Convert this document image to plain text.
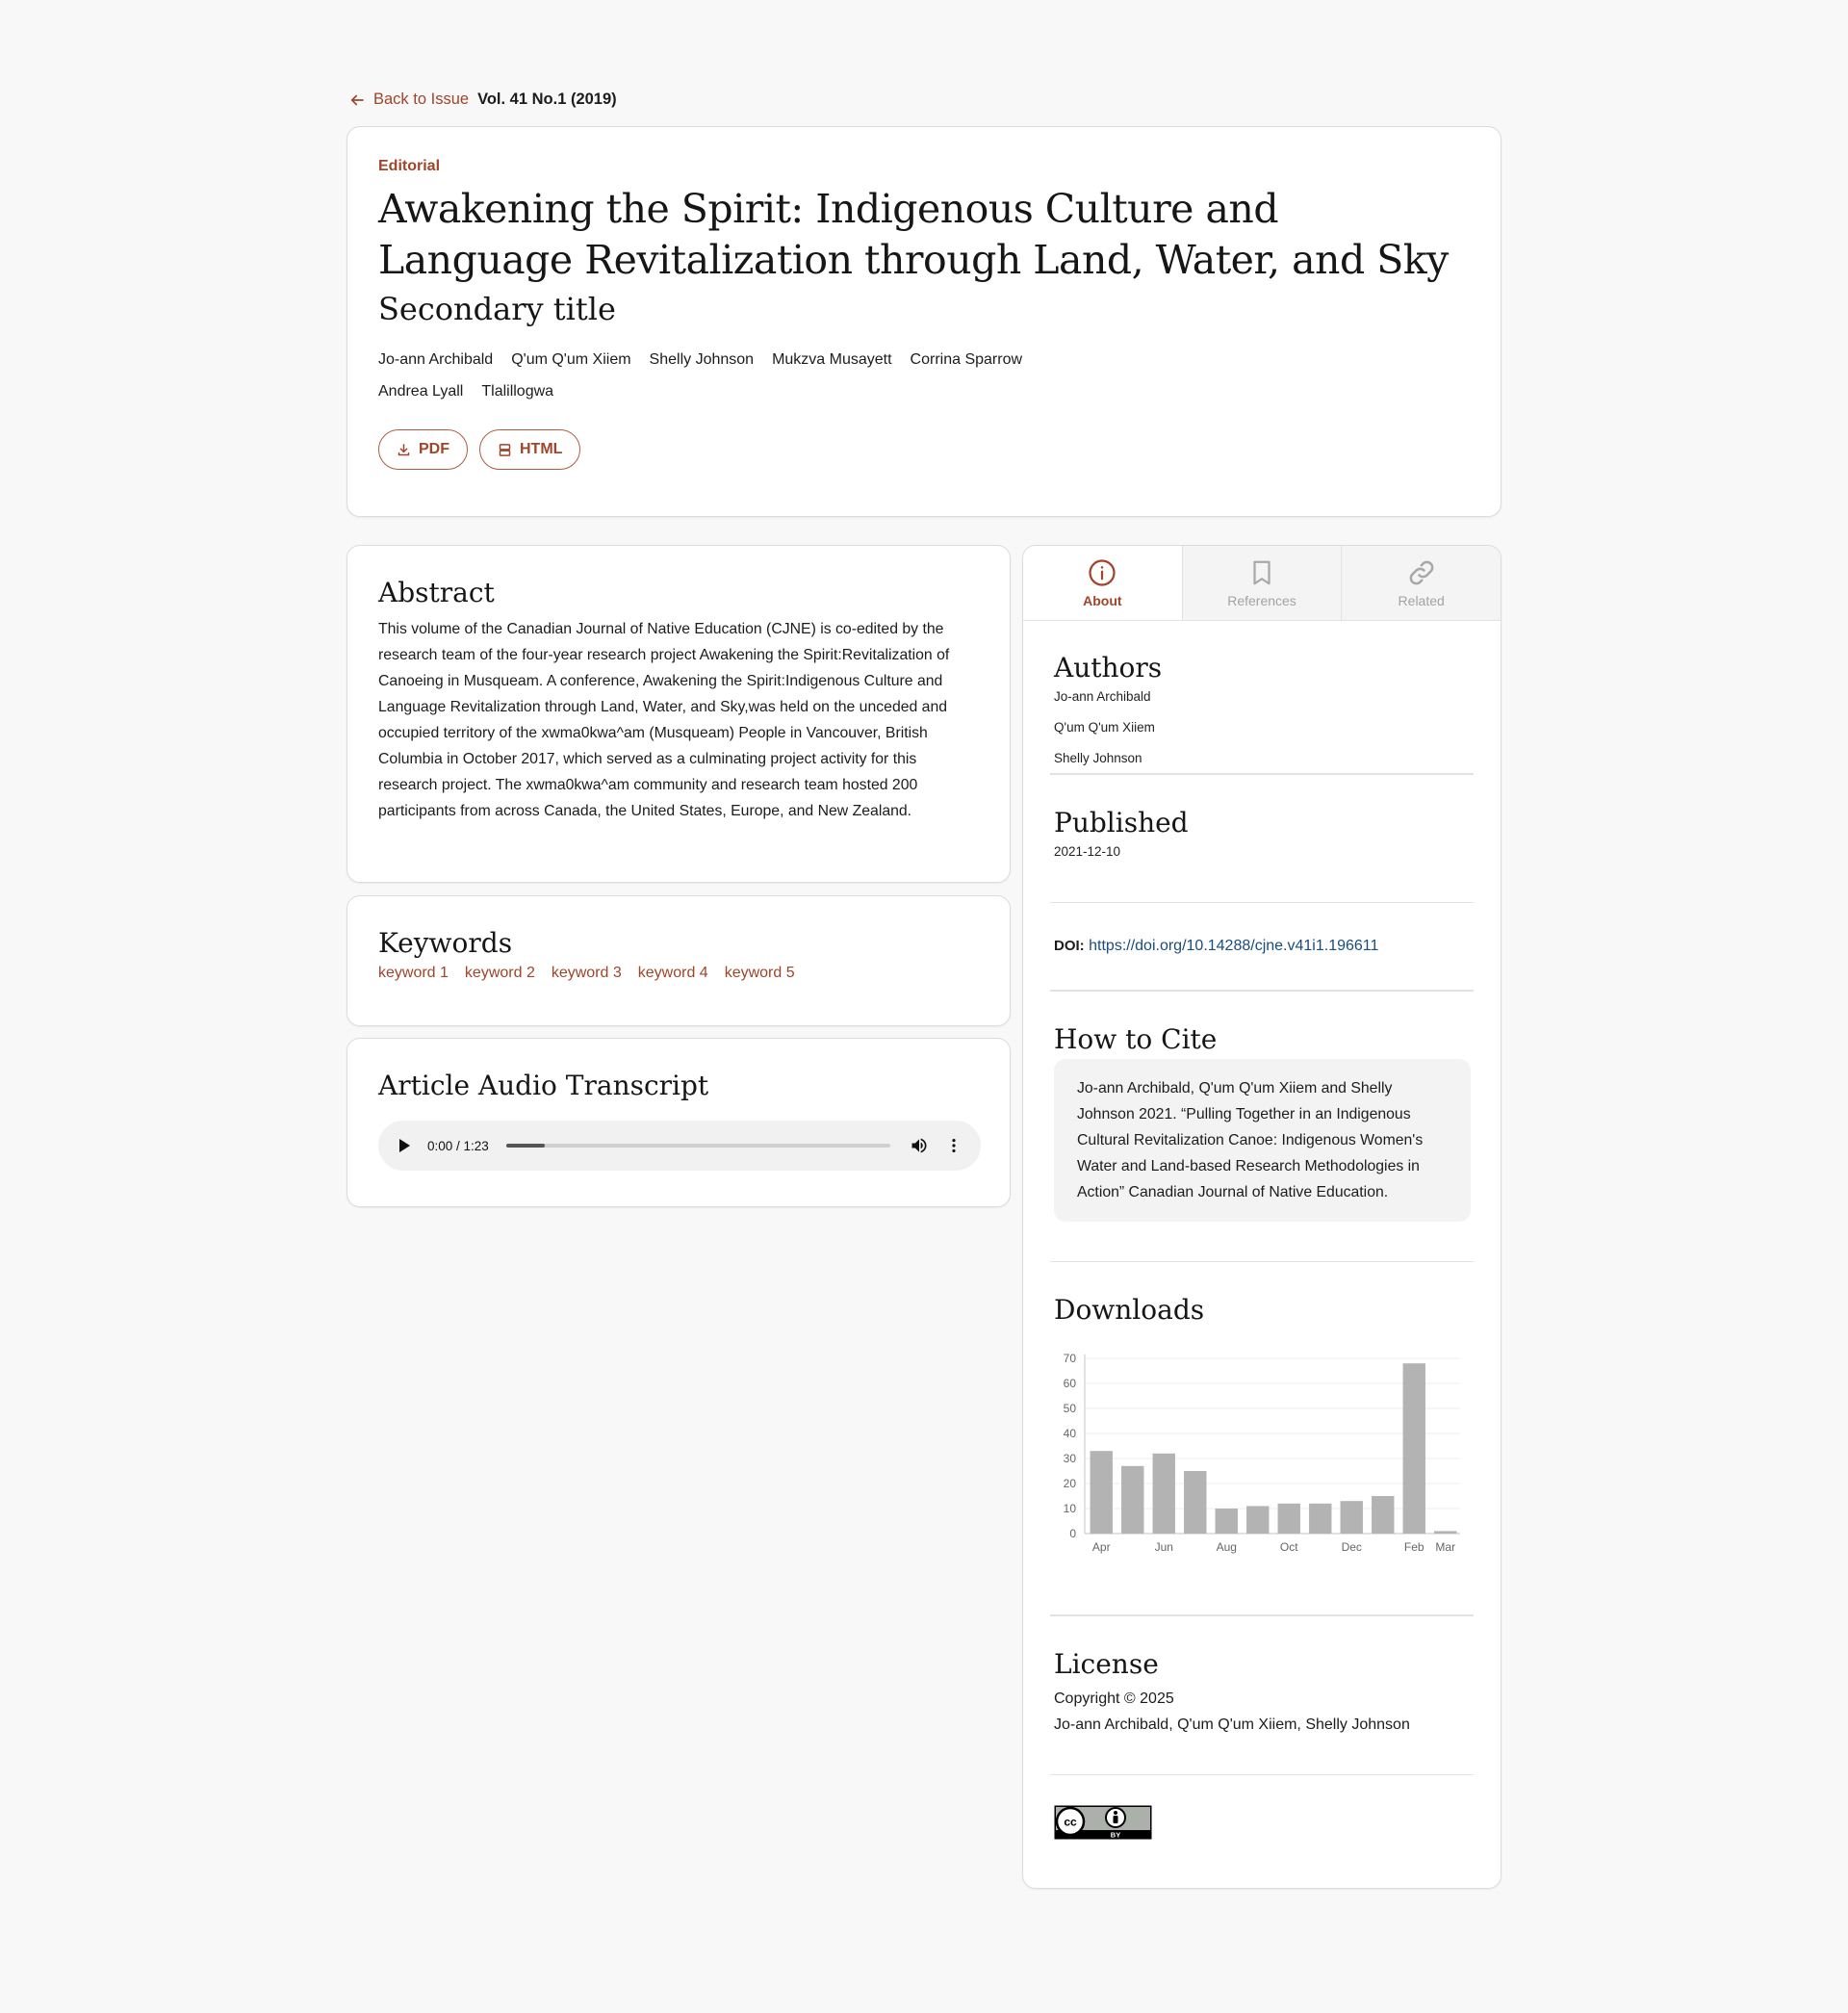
Back to Issue Vol. 41 No.1 (2019)
Editorial
Awakening the Spirit: Indigenous Culture and Language Revitalization through Land, Water, and Sky
Secondary title
Jo-ann Archibald Q'um Q'um Xiiem Shelly Johnson Mukzva Musayett Corrina Sparrow
Andrea Lyall Tlalillogwa
PDF	HTML
Abstract

This volume of the Canadian Journal of Native Education (CJNE) is co-edited by the research team of the four-year research project Awakening the Spirit:Revitalization of Canoeing in Musqueam. A conference, Awakening the Spirit:Indigenous Culture and Language Revitalization through Land, Water, and Sky,was held on the unceded and occupied territory of the xwma0kwa^am (Musqueam) People in Vancouver, British Columbia in October 2017, which served as a culminating project activity for this research project. The xwma0kwa^am community and research team hosted 200 participants from across Canada, the United States, Europe, and New Zealand.

Keywords
keyword 1 keyword 2 keyword 3 keyword 4 keyword 5
Article Audio Transcript
0:00 / 1:23
About	References	Related
Authors
Jo-ann Archibald
Q'um Q'um Xiiem
Shelly Johnson
Published
2021-12-10
DOI: https://doi.org/10.14288/cjne.v41i1.196611
How to Cite
Jo-ann Archibald, Q'um Q'um Xiiem and Shelly Johnson 2021. “Pulling Together in an Indigenous Cultural Revitalization Canoe: Indigenous Women's Water and Land-based Research Methodologies in Action” Canadian Journal of Native Education.
Downloads
0
10
20
30
40
50
60
70
Apr	Jun	Aug	Oct	Dec	Feb Mar
License
Copyright © 2025
Jo-ann Archibald, Q'um Q'um Xiiem, Shelly Johnson
cc
BY
